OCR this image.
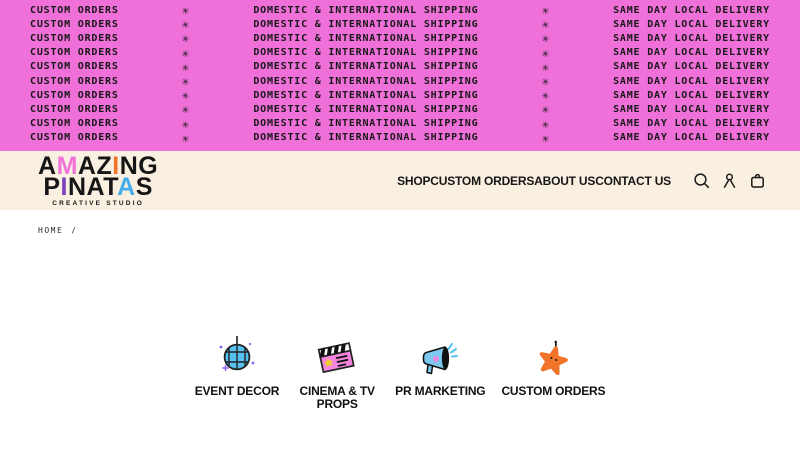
CUSTOM ORDERS	✳	DOMESTIC & INTERNATIONAL SHIPPING	✳	SAME DAY LOCAL DELIVERY
CUSTOM ORDERS	✳	DOMESTIC & INTERNATIONAL SHIPPING	✳	SAME DAY LOCAL DELIVERY
CUSTOM ORDERS	✳	DOMESTIC & INTERNATIONAL SHIPPING	✳	SAME DAY LOCAL DELIVERY
CUSTOM ORDERS	✳	DOMESTIC & INTERNATIONAL SHIPPING	✳	SAME DAY LOCAL DELIVERY
CUSTOM ORDERS	✳	DOMESTIC & INTERNATIONAL SHIPPING	✳	SAME DAY LOCAL DELIVERY
CUSTOM ORDERS	✳	DOMESTIC & INTERNATIONAL SHIPPING	✳	SAME DAY LOCAL DELIVERY
CUSTOM ORDERS	✳	DOMESTIC & INTERNATIONAL SHIPPING	✳	SAME DAY LOCAL DELIVERY
CUSTOM ORDERS	✳	DOMESTIC & INTERNATIONAL SHIPPING	✳	SAME DAY LOCAL DELIVERY
CUSTOM ORDERS	✳	DOMESTIC & INTERNATIONAL SHIPPING	✳	SAME DAY LOCAL DELIVERY
CUSTOM ORDERS	✳	DOMESTIC & INTERNATIONAL SHIPPING	✳	SAME DAY LOCAL DELIVERY
AMAZING
PINATAS
CREATIVE STUDIO
SHOP CUSTOM ORDERS ABOUT US CONTACT US
HOME /
EVENT DECOR	CINEMA & TV PROPS
PR MARKETING CUSTOM ORDERS
